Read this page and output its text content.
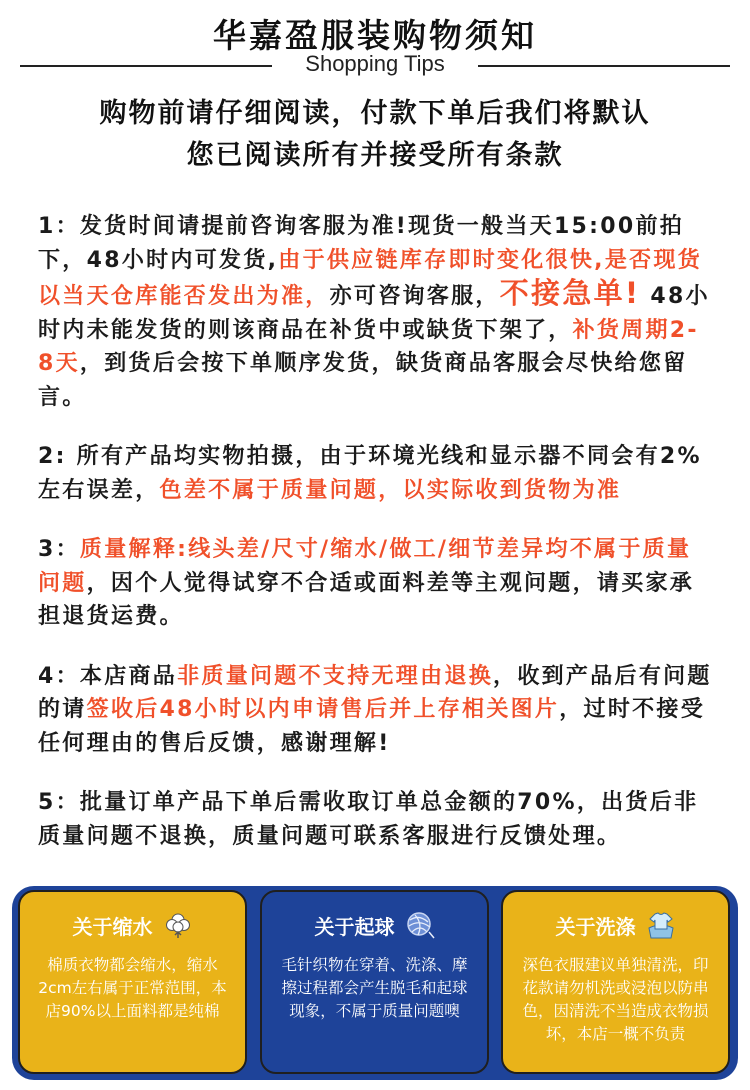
华嘉盈服装购物须知
Shopping Tips
购物前请仔细阅读，付款下单后我们将默认
您已阅读所有并接受所有条款

1：发货时间请提前咨询客服为准!现货一般当天15:00前拍下，48小时内可发货,由于供应链库存即时变化很快,是否现货以当天仓库能否发出为准，亦可咨询客服，不接急单! 48小时内未能发货的则该商品在补货中或缺货下架了，补货周期2-8天，到货后会按下单顺序发货，缺货商品客服会尽快给您留言。

2: 所有产品均实物拍摄，由于环境光线和显示器不同会有2%左右误差，色差不属于质量问题，以实际收到货物为准

3：质量解释:线头差/尺寸/缩水/做工/细节差异均不属于质量问题，因个人觉得试穿不合适或面料差等主观问题，请买家承担退货运费。

4：本店商品非质量问题不支持无理由退换，收到产品后有问题的请签收后48小时以内申请售后并上存相关图片，过时不接受任何理由的售后反馈，感谢理解!

5：批量订单产品下单后需收取订单总金额的70%，出货后非质量问题不退换，质量问题可联系客服进行反馈处理。

关于缩水
棉质衣物都会缩水，缩水2cm左右属于正常范围，本店90%以上面料都是纯棉
关于起球
毛针织物在穿着、洗涤、摩擦过程都会产生脱毛和起球现象，不属于质量问题噢
关于洗涤
深色衣服建议单独清洗，印花款请勿机洗或浸泡以防串色，因清洗不当造成衣物损坏，本店一概不负责
